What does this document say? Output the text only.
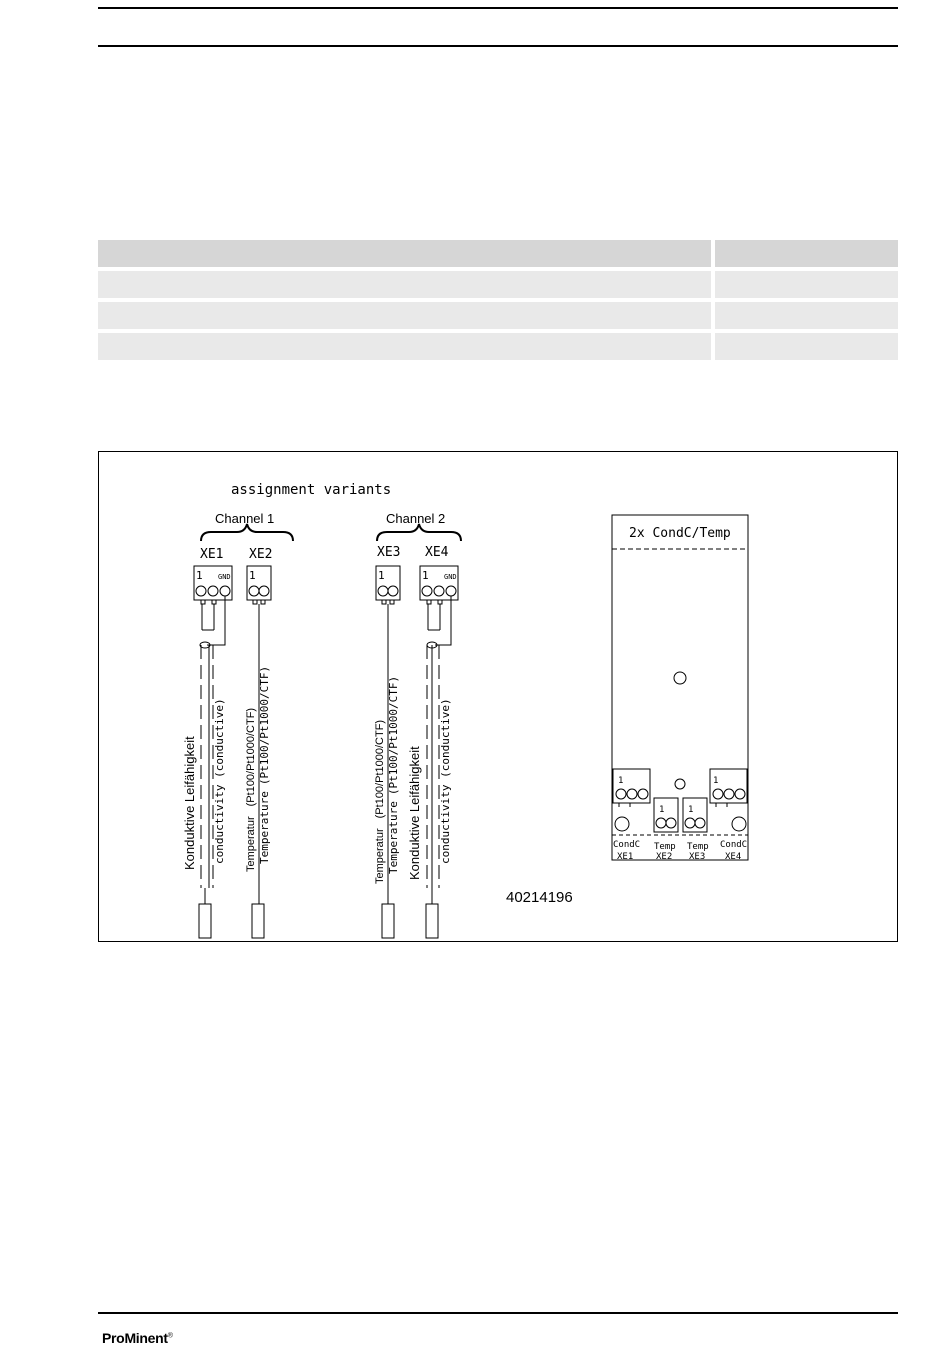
assignment variants
Channel 1
XE1 XE2
1 GND 1
Channel 2
XE3 XE4
1	1 GND
Konduktive Leifähigkeit conductivity (conductive) Temperatur(Pt100/Pt1000/CTF)
Temperature(Pt100/Pt1000/CTF)
Temperatur(Pt100/Pt1000/CTF)
Temperature(Pt100/Pt1000/CTF)
Konduktive Leifähigkeit conductivity (conductive)
40214196
2x CondC/Temp
1	1
1	1
CondC
XE1
Temp
XE2
Temp
XE3
CondC
XE4
ProMinent®
